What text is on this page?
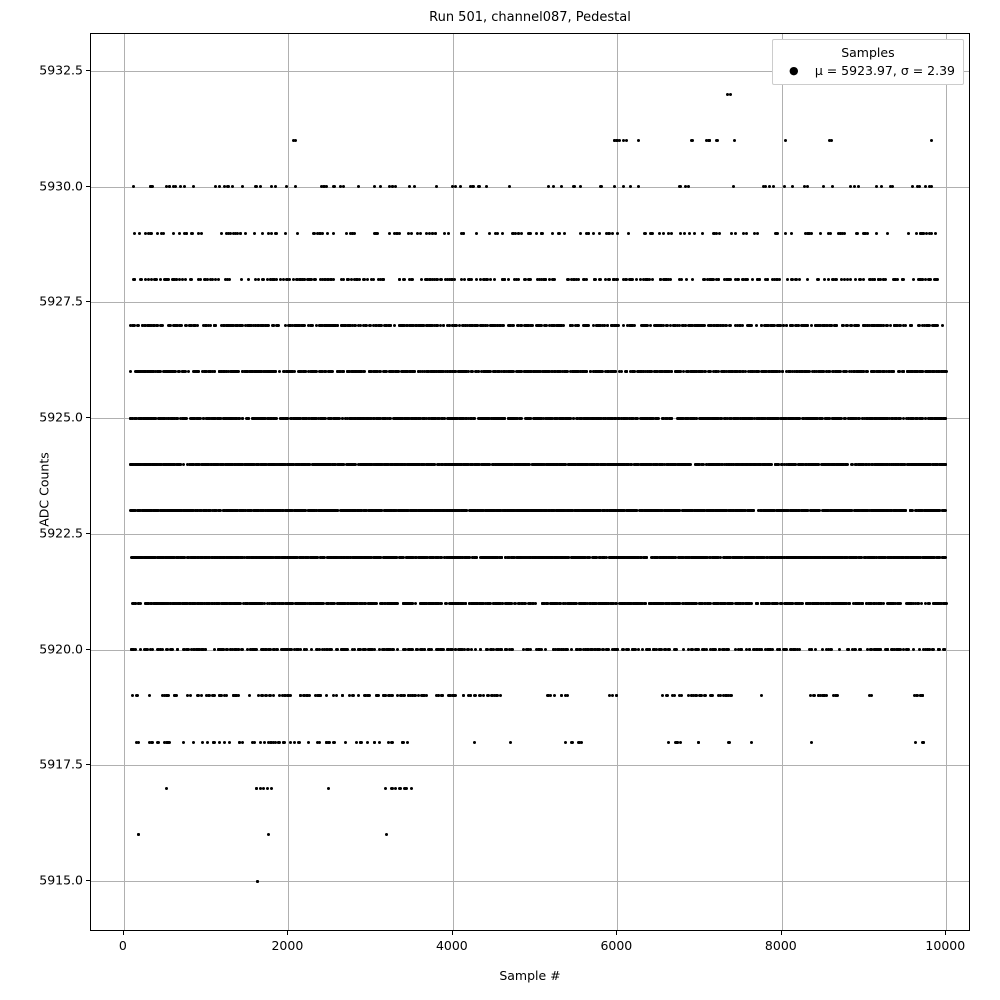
Run 501, channel087, Pedestal
Samples
●	μ = 5923.97, σ = 2.39
5915.0
5917.5
5920.0
5922.5
5925.0
5927.5
5930.0
5932.5
0	2000	4000	6000	8000	10000
Sample #
ADC Counts
